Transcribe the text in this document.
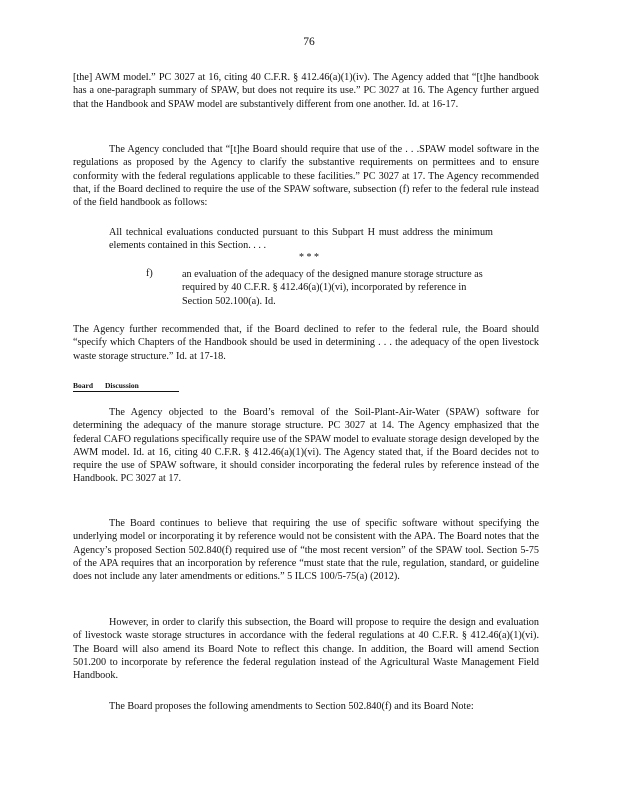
76

[the] AWM model.” PC 3027 at 16, citing 40 C.F.R. § 412.46(a)(1)(iv). The Agency added that “[t]he handbook has a one-paragraph summary of SPAW, but does not require its use.” PC 3027 at 16. The Agency further argued that the Handbook and SPAW model are substantively different from one another. Id. at 16-17.

The Agency concluded that “[t]he Board should require that use of the . . .SPAW model software in the regulations as proposed by the Agency to clarify the substantive requirements on permittees and to ensure conformity with the federal regulations applicable to these facilities.” PC 3027 at 17. The Agency recommended that, if the Board declined to require the use of the SPAW software, subsection (f) refer to the federal rule instead of the field handbook as follows:

All technical evaluations conducted pursuant to this Subpart H must address the minimum elements contained in this Section. . . .

* * *
f)	an evaluation of the adequacy of the designed manure storage structure as required by 40 C.F.R. § 412.46(a)(1)(vi), incorporated by reference in Section 502.100(a). Id.

The Agency further recommended that, if the Board declined to refer to the federal rule, the Board should “specify which Chapters of the Handbook should be used in determining . . . the adequacy of the open livestock waste storage structure.” Id. at 17-18.

Board Discussion

The Agency objected to the Board’s removal of the Soil-Plant-Air-Water (SPAW) software for determining the adequacy of the manure storage structure. PC 3027 at 14. The Agency emphasized that the federal CAFO regulations specifically require use of the SPAW model to evaluate storage design developed by the AWM model. Id. at 16, citing 40 C.F.R. § 412.46(a)(1)(vi). The Agency stated that, if the Board decides not to require the use of SPAW software, it should consider incorporating the federal rules by reference instead of the Handbook. PC 3027 at 17.

The Board continues to believe that requiring the use of specific software without specifying the underlying model or incorporating it by reference would not be consistent with the APA. The Board notes that the Agency’s proposed Section 502.840(f) required use of “the most recent version” of the SPAW tool. Section 5-75 of the APA requires that an incorporation by reference “must state that the rule, regulation, standard, or guideline does not include any later amendments or editions.” 5 ILCS 100/5-75(a) (2012).

However, in order to clarify this subsection, the Board will propose to require the design and evaluation of livestock waste storage structures in accordance with the federal regulations at 40 C.F.R. § 412.46(a)(1)(vi). The Board will also amend its Board Note to reflect this change. In addition, the Board will amend Section 501.200 to incorporate by reference the federal regulation instead of the Agricultural Waste Management Field Handbook.

The Board proposes the following amendments to Section 502.840(f) and its Board Note:
